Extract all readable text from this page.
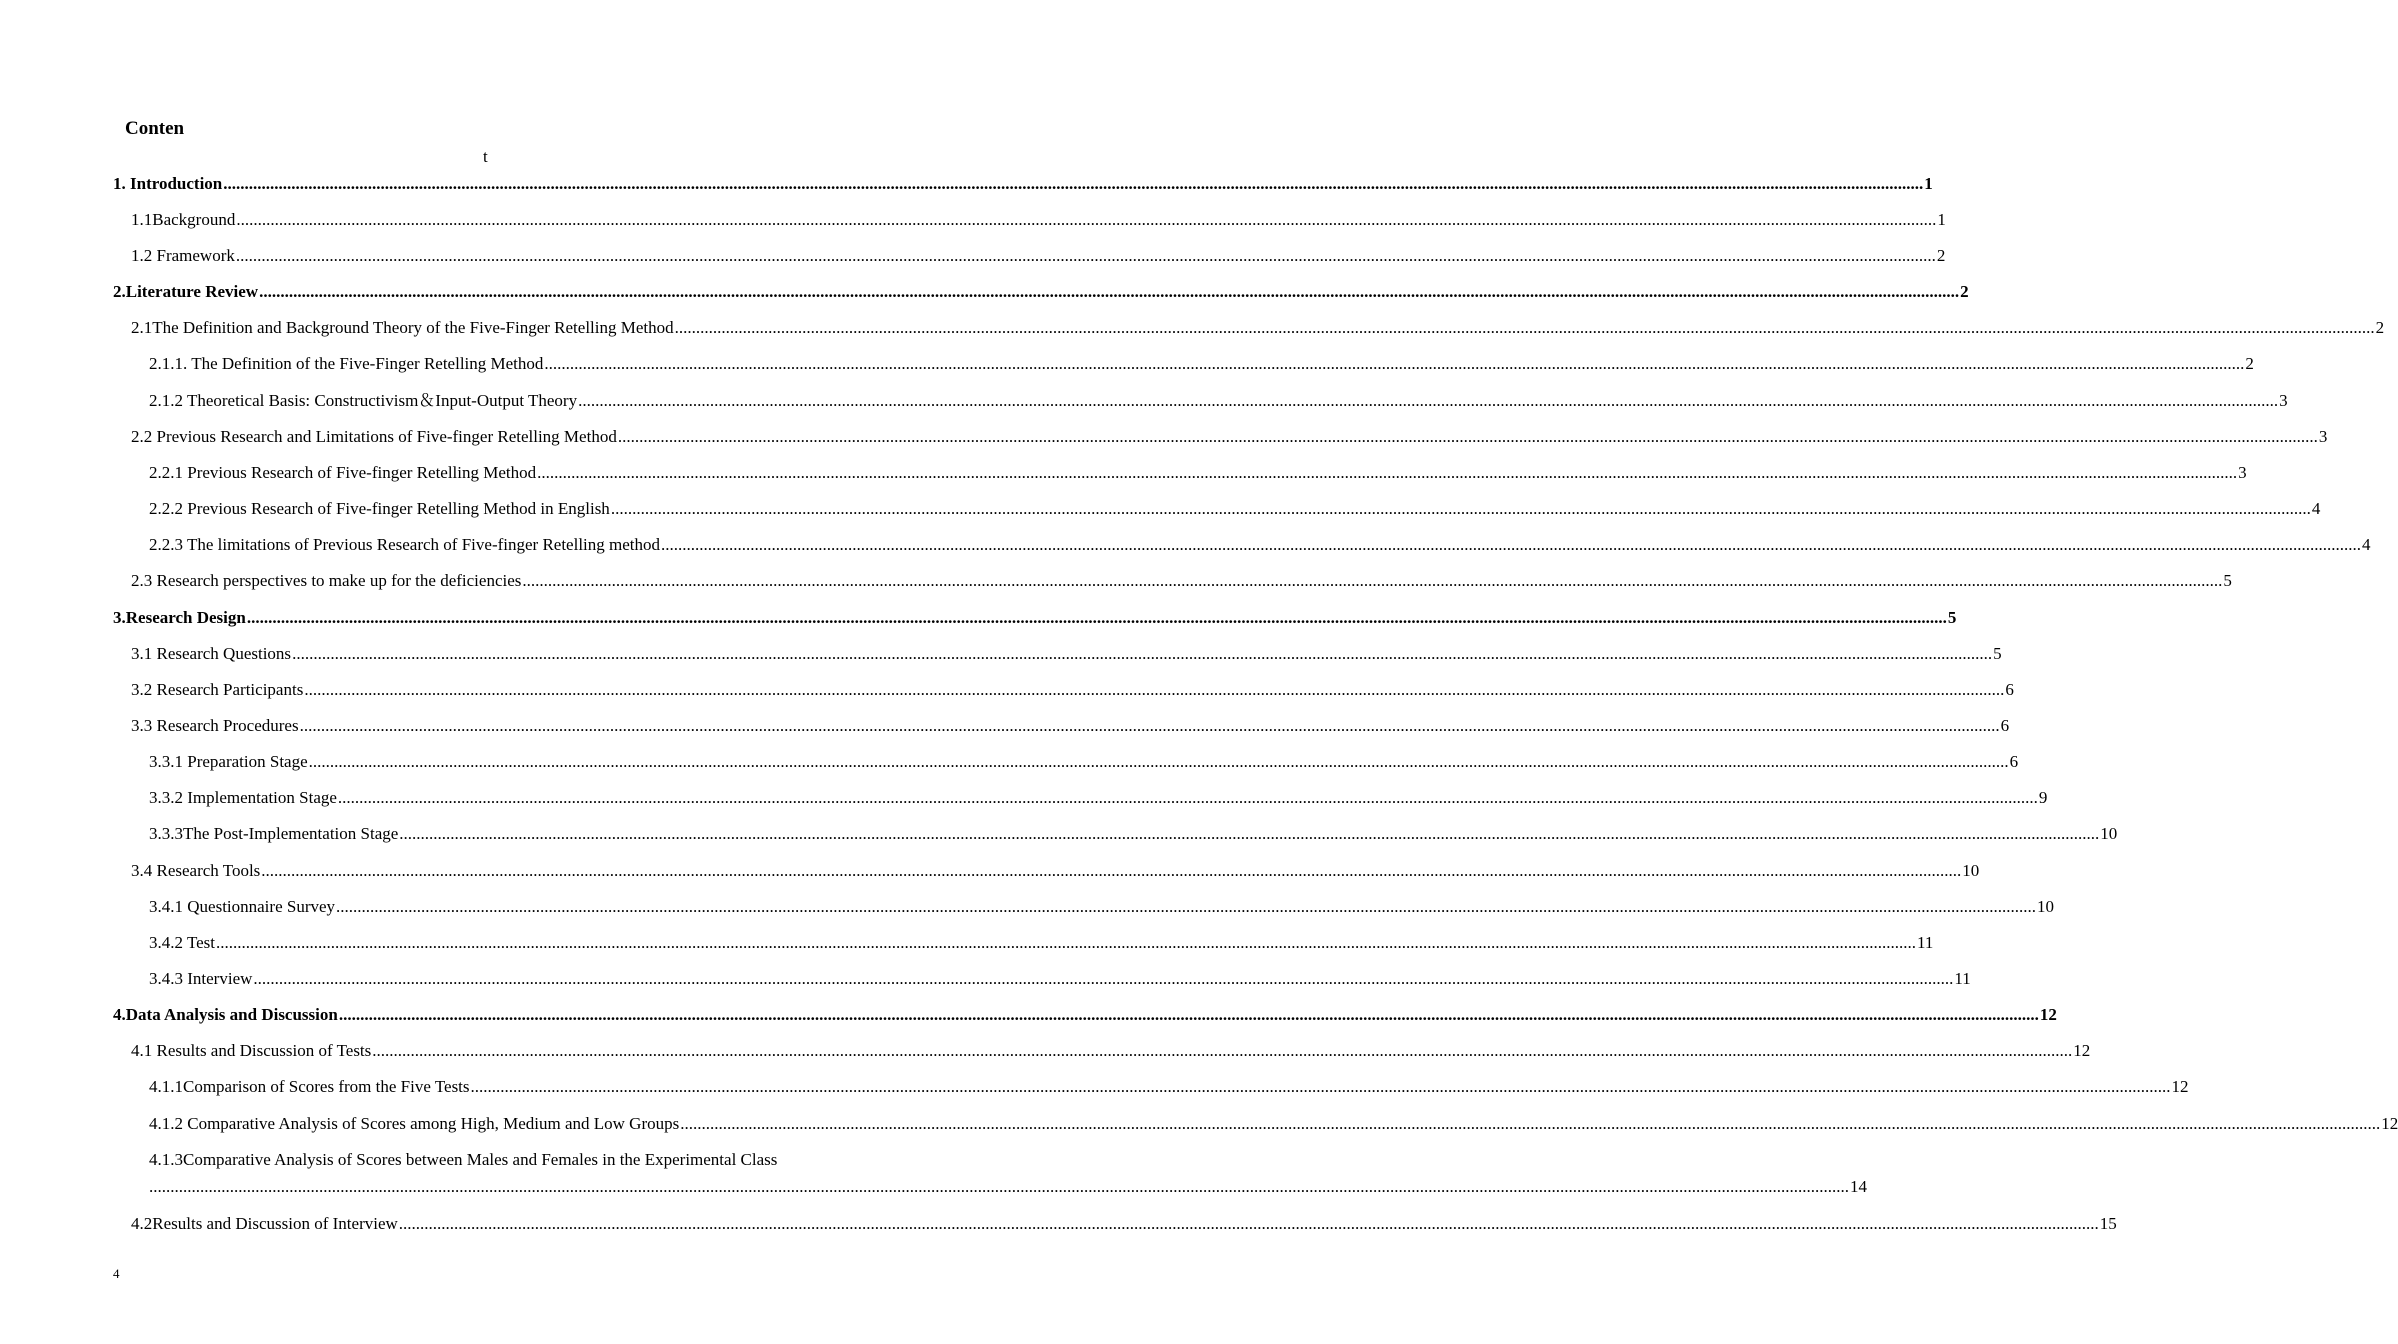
Conten
t
1. Introduction ................................................................................................................................................................................................................................................................................................................................................................................................................ 1
1.1Background ................................................................................................................................................................................................................................................................................................................................................................................................................ 1
1.2 Framework ................................................................................................................................................................................................................................................................................................................................................................................................................ 2
2.Literature Review ................................................................................................................................................................................................................................................................................................................................................................................................................ 2
2.1The Definition and Background Theory of the Five-Finger Retelling Method ................................................................................................................................................................................................................................................................................................................................................................................................................ 2
2.1.1. The Definition of the Five-Finger Retelling Method ................................................................................................................................................................................................................................................................................................................................................................................................................ 2
2.1.2 Theoretical Basis: Constructivism＆Input-Output Theory ................................................................................................................................................................................................................................................................................................................................................................................................................ 3
2.2 Previous Research and Limitations of Five-finger Retelling Method ................................................................................................................................................................................................................................................................................................................................................................................................................ 3
2.2.1 Previous Research of Five-finger Retelling Method ................................................................................................................................................................................................................................................................................................................................................................................................................ 3
2.2.2 Previous Research of Five-finger Retelling Method in English ................................................................................................................................................................................................................................................................................................................................................................................................................ 4
2.2.3 The limitations of Previous Research of Five-finger Retelling method ................................................................................................................................................................................................................................................................................................................................................................................................................ 4
2.3 Research perspectives to make up for the deficiencies ................................................................................................................................................................................................................................................................................................................................................................................................................ 5
3.Research Design ................................................................................................................................................................................................................................................................................................................................................................................................................ 5
3.1 Research Questions ................................................................................................................................................................................................................................................................................................................................................................................................................ 5
3.2 Research Participants ................................................................................................................................................................................................................................................................................................................................................................................................................ 6
3.3 Research Procedures ................................................................................................................................................................................................................................................................................................................................................................................................................ 6
3.3.1 Preparation Stage ................................................................................................................................................................................................................................................................................................................................................................................................................ 6
3.3.2 Implementation Stage ................................................................................................................................................................................................................................................................................................................................................................................................................ 9
3.3.3The Post-Implementation Stage ................................................................................................................................................................................................................................................................................................................................................................................................................ 10
3.4 Research Tools ................................................................................................................................................................................................................................................................................................................................................................................................................ 10
3.4.1 Questionnaire Survey ................................................................................................................................................................................................................................................................................................................................................................................................................ 10
3.4.2 Test ................................................................................................................................................................................................................................................................................................................................................................................................................ 11
3.4.3 Interview ................................................................................................................................................................................................................................................................................................................................................................................................................ 11
4.Data Analysis and Discussion ................................................................................................................................................................................................................................................................................................................................................................................................................ 12
4.1 Results and Discussion of Tests ................................................................................................................................................................................................................................................................................................................................................................................................................ 12
4.1.1Comparison of Scores from the Five Tests ................................................................................................................................................................................................................................................................................................................................................................................................................ 12
4.1.2 Comparative Analysis of Scores among High, Medium and Low Groups ................................................................................................................................................................................................................................................................................................................................................................................................................ 12
4.1.3Comparative Analysis of Scores between Males and Females in the Experimental Class
................................................................................................................................................................................................................................................................................................................................................................................................................ 14
4.2Results and Discussion of Interview ................................................................................................................................................................................................................................................................................................................................................................................................................ 15
4
